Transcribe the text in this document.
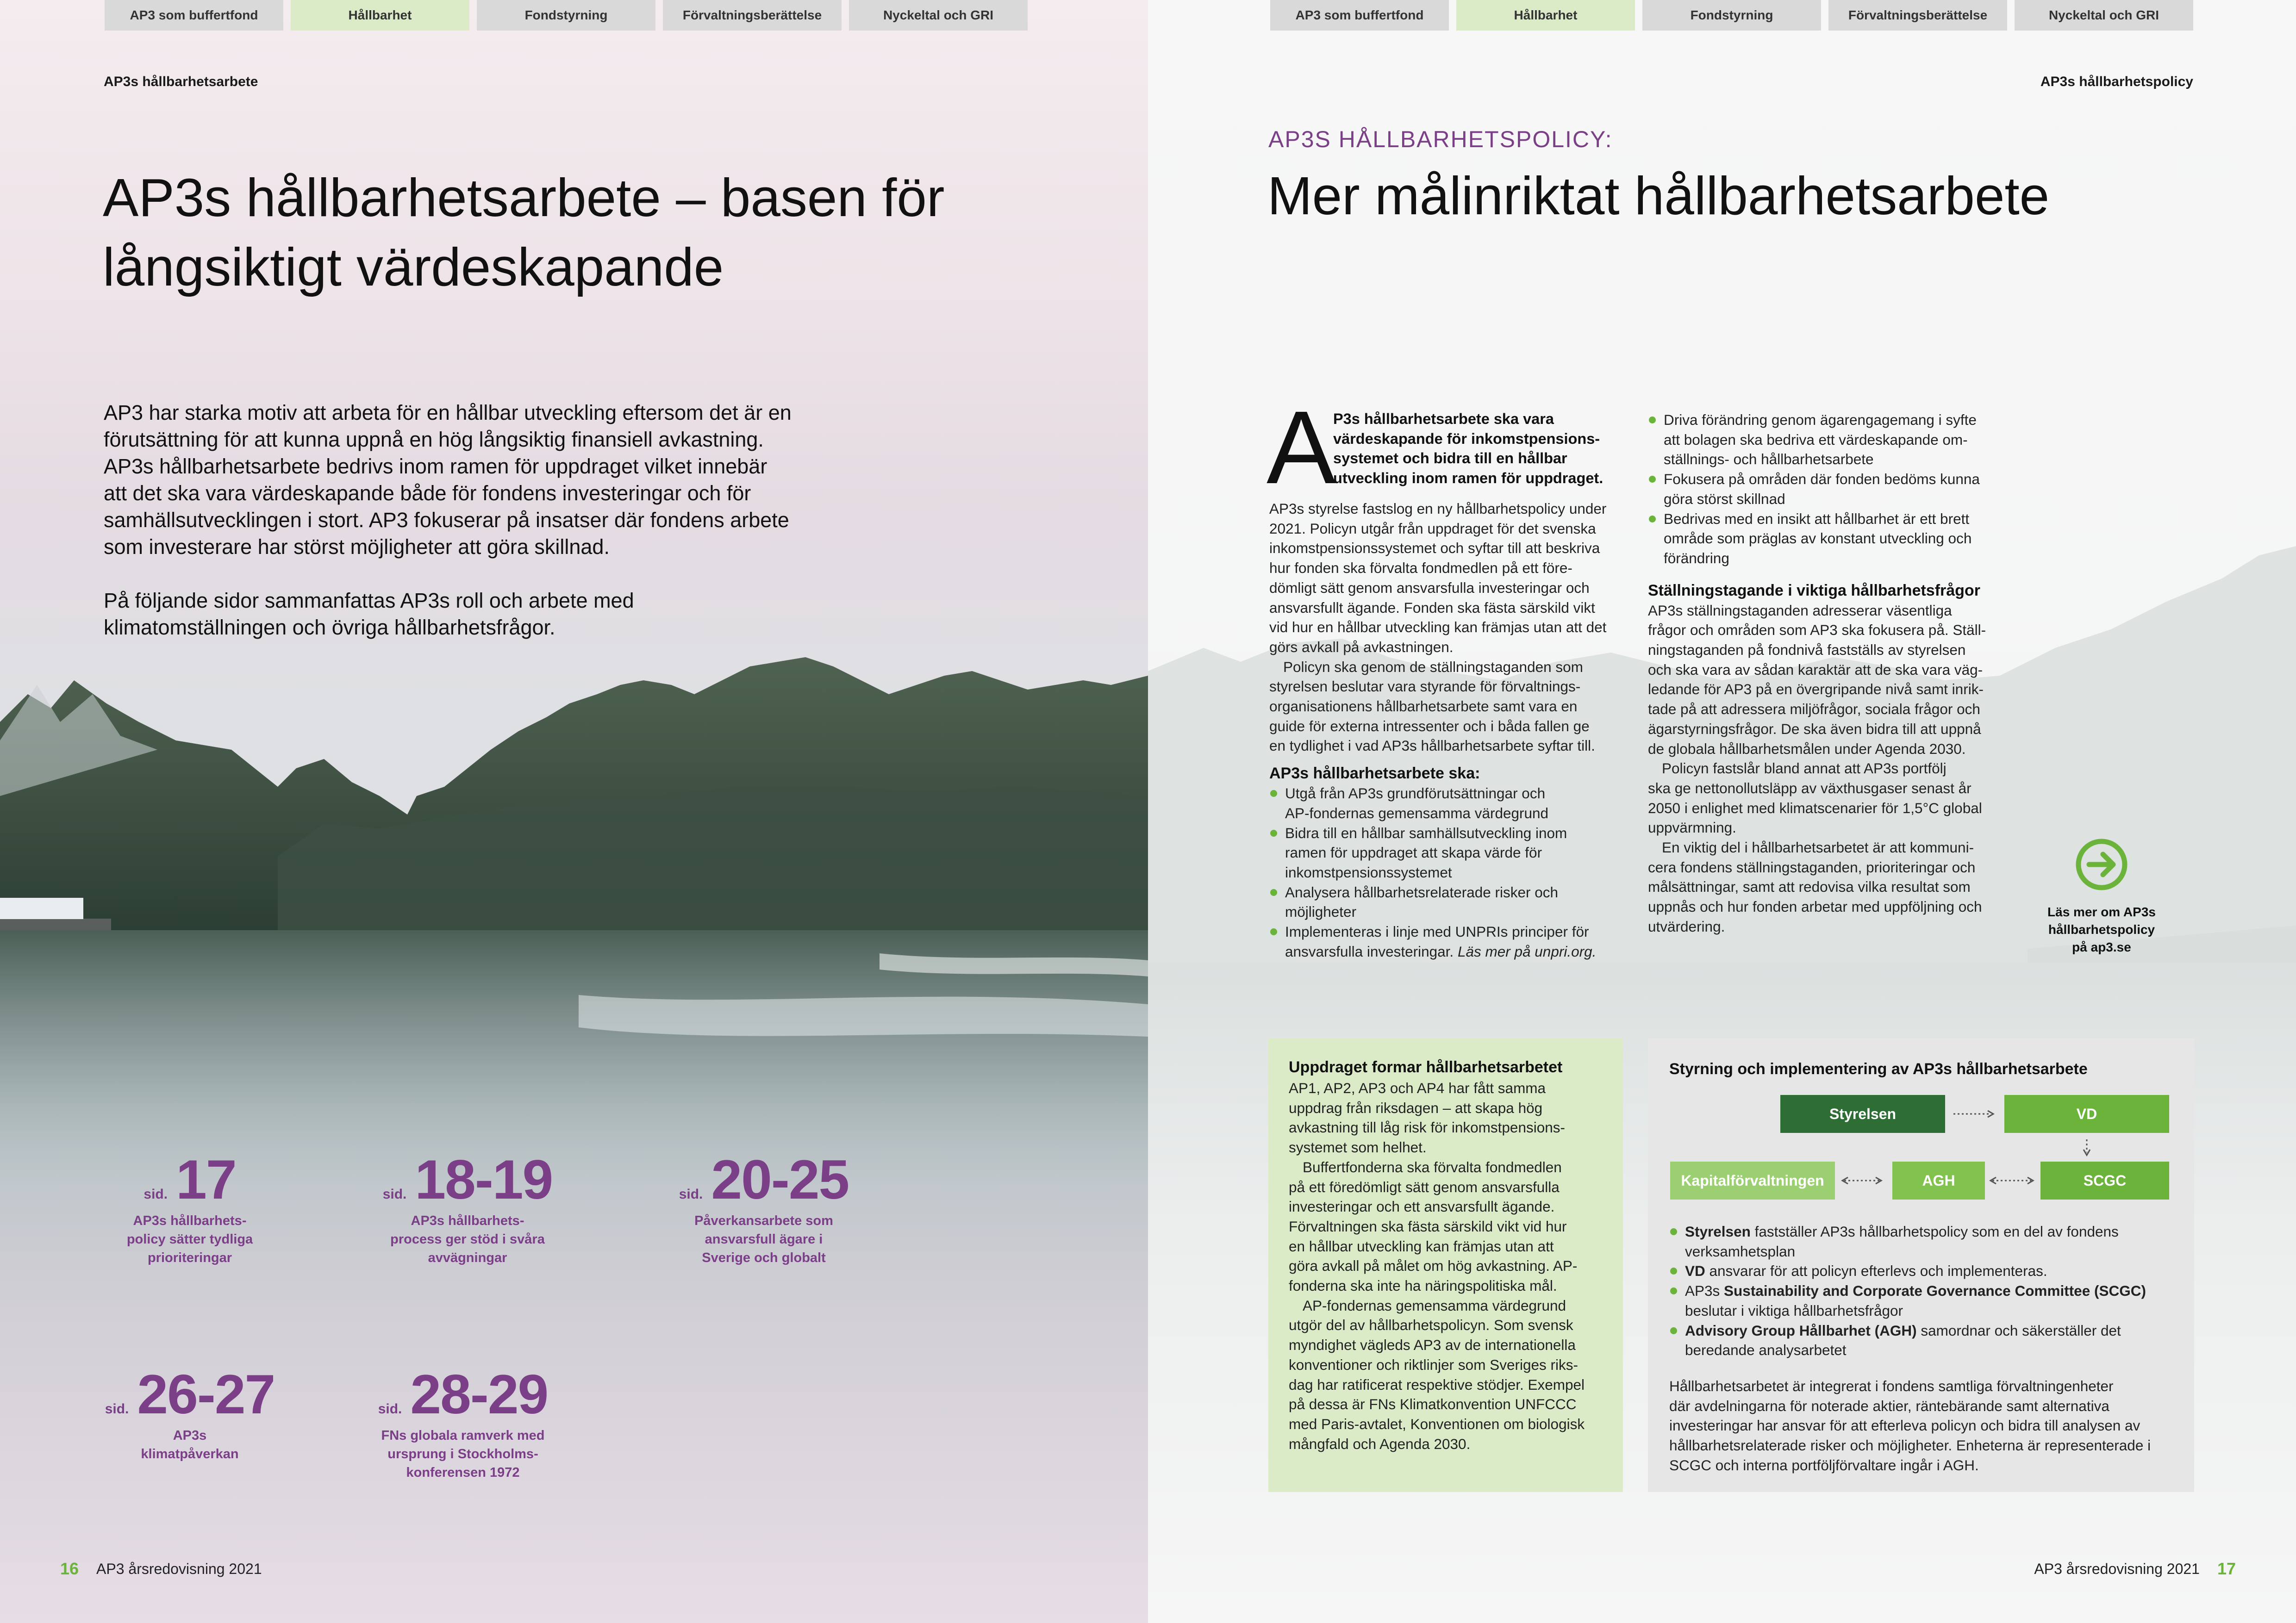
AP3 som buffertfond	Hållbarhet	Fondstyrning	Förvaltningsberättelse	Nyckeltal och GRI
AP3s hållbarhetsarbete
AP3s hållbarhetsarbete – basen för
långsiktigt värdeskapande
AP3 har starka motiv att arbeta för en hållbar utveckling eftersom det är en
förutsättning för att kunna uppnå en hög långsiktig finansiell avkastning.
AP3s hållbarhetsarbete bedrivs inom ramen för uppdraget vilket innebär
att det ska vara värdeskapande både för fondens investeringar och för
samhällsutvecklingen i stort. AP3 fokuserar på insatser där fondens arbete
som investerare har störst möjligheter att göra skillnad.
På följande sidor sammanfattas AP3s roll och arbete med
klimatomställningen och övriga hållbarhetsfrågor.
sid. 17
AP3s hållbarhets-
policy sätter tydliga
prioriteringar
sid. 18-19
AP3s hållbarhets-
process ger stöd i svåra
avvägningar
sid. 20-25
Påverkansarbete som
ansvarsfull ägare i
Sverige och globalt
sid. 26-27
AP3s
klimatpåverkan
sid. 28-29
FNs globala ramverk med
ursprung i Stockholms-
konferensen 1972
16 AP3 årsredovisning 2021
AP3 som buffertfond	Hållbarhet	Fondstyrning	Förvaltningsberättelse	Nyckeltal och GRI
AP3s hållbarhetspolicy
AP3S HÅLLBARHETSPOLICY:
Mer målinriktat hållbarhetsarbete
A
P3s hållbarhetsarbete ska vara
värdeskapande för inkomstpensions-
systemet och bidra till en hållbar
utveckling inom ramen för uppdraget.
AP3s styrelse fastslog en ny hållbarhetspolicy under
2021. Policyn utgår från uppdraget för det svenska
inkomstpensionssystemet och syftar till att beskriva
hur fonden ska förvalta fondmedlen på ett före-
dömligt sätt genom ansvarsfulla investeringar och
ansvarsfullt ägande. Fonden ska fästa särskild vikt
vid hur en hållbar utveckling kan främjas utan att det
görs avkall på avkastningen.
Policyn ska genom de ställningstaganden som
styrelsen beslutar vara styrande för förvaltnings-
organisationens hållbarhetsarbete samt vara en
guide för externa intressenter och i båda fallen ge
en tydlighet i vad AP3s hållbarhetsarbete syftar till.
AP3s hållbarhetsarbete ska:
Utgå från AP3s grundförutsättningar och
AP-fondernas gemensamma värdegrund
Bidra till en hållbar samhällsutveckling inom
ramen för uppdraget att skapa värde för
inkomstpensionssystemet
Analysera hållbarhetsrelaterade risker och
möjligheter
Implementeras i linje med UNPRIs principer för
ansvarsfulla investeringar. Läs mer på unpri.org.
Driva förändring genom ägarengagemang i syfte
att bolagen ska bedriva ett värdeskapande om-
ställnings- och hållbarhetsarbete
Fokusera på områden där fonden bedöms kunna
göra störst skillnad
Bedrivas med en insikt att hållbarhet är ett brett
område som präglas av konstant utveckling och
förändring
Ställningstagande i viktiga hållbarhetsfrågor
AP3s ställningstaganden adresserar väsentliga
frågor och områden som AP3 ska fokusera på. Ställ-
ningstaganden på fondnivå fastställs av styrelsen
och ska vara av sådan karaktär att de ska vara väg-
ledande för AP3 på en övergripande nivå samt inrik-
tade på att adressera miljöfrågor, sociala frågor och
ägarstyrningsfrågor. De ska även bidra till att uppnå
de globala hållbarhetsmålen under Agenda 2030.
Policyn fastslår bland annat att AP3s portfölj
ska ge nettonollutsläpp av växthusgaser senast år
2050 i enlighet med klimatscenarier för 1,5°C global
uppvärmning.
En viktig del i hållbarhetsarbetet är att kommuni-
cera fondens ställningstaganden, prioriteringar och
målsättningar, samt att redovisa vilka resultat som
uppnås och hur fonden arbetar med uppföljning och
utvärdering.
Läs mer om AP3s
hållbarhetspolicy
på ap3.se
Uppdraget formar hållbarhetsarbetet
AP1, AP2, AP3 och AP4 har fått samma
uppdrag från riksdagen – att skapa hög
avkastning till låg risk för inkomstpensions-
systemet som helhet.
Buffertfonderna ska förvalta fondmedlen
på ett föredömligt sätt genom ansvarsfulla
investeringar och ett ansvarsfullt ägande.
Förvaltningen ska fästa särskild vikt vid hur
en hållbar utveckling kan främjas utan att
göra avkall på målet om hög avkastning. AP-
fonderna ska inte ha näringspolitiska mål.
AP-fondernas gemensamma värdegrund
utgör del av hållbarhetspolicyn. Som svensk
myndighet vägleds AP3 av de internationella
konventioner och riktlinjer som Sveriges riks-
dag har ratificerat respektive stödjer. Exempel
på dessa är FNs Klimatkonvention UNFCCC
med Paris-avtalet, Konventionen om biologisk
mångfald och Agenda 2030.
Styrning och implementering av AP3s hållbarhetsarbete
Styrelsen	VD
Kapitalförvaltningen	AGH	SCGC
Styrelsen fastställer AP3s hållbarhetspolicy som en del av fondens
verksamhetsplan
VD ansvarar för att policyn efterlevs och implementeras.
AP3s Sustainability and Corporate Governance Committee (SCGC)
beslutar i viktiga hållbarhetsfrågor
Advisory Group Hållbarhet (AGH) samordnar och säkerställer det
beredande analysarbetet
Hållbarhetsarbetet är integrerat i fondens samtliga förvaltningenheter
där avdelningarna för noterade aktier, räntebärande samt alternativa
investeringar har ansvar för att efterleva policyn och bidra till analysen av
hållbarhetsrelaterade risker och möjligheter. Enheterna är representerade i
SCGC och interna portföljförvaltare ingår i AGH.
AP3 årsredovisning 2021 17
